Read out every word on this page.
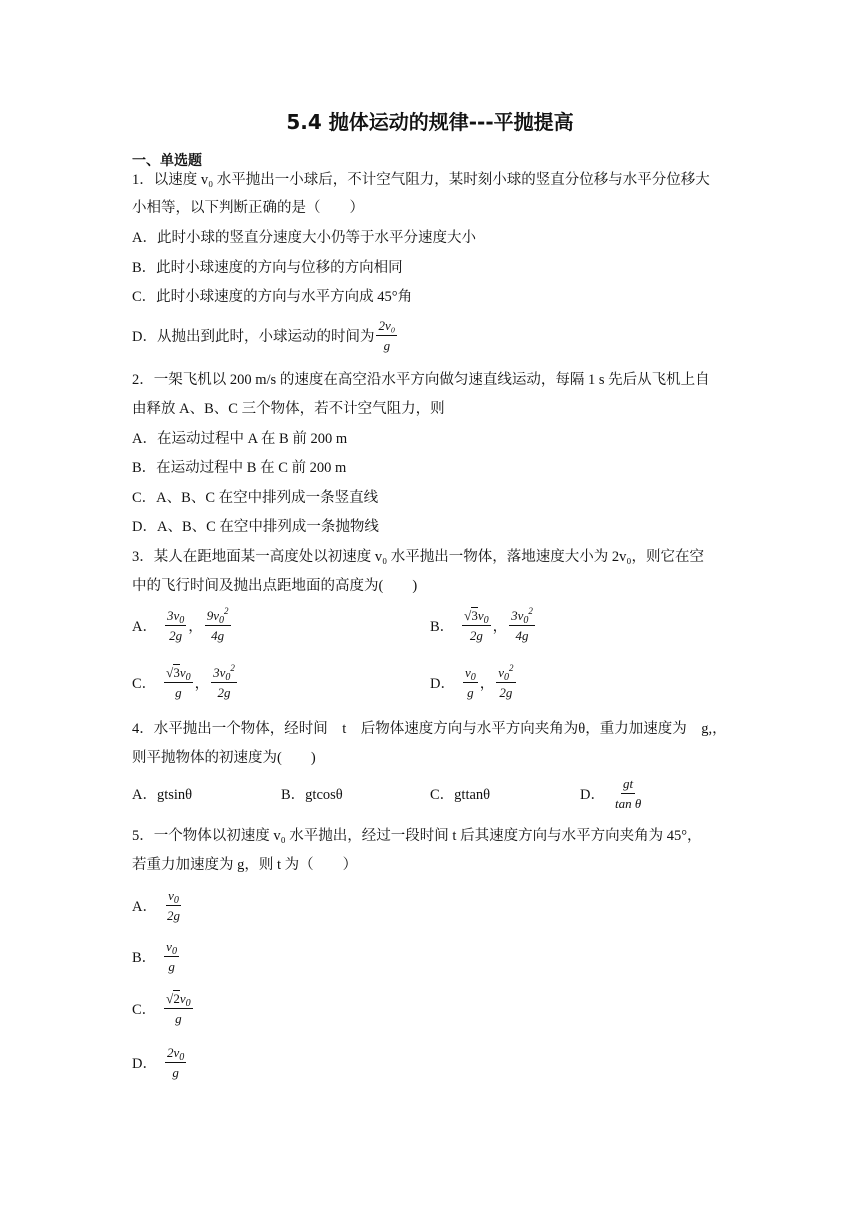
5.4 抛体运动的规律---平抛提高
一、单选题
1．以速度 v₀ 水平抛出一小球后，不计空气阻力，某时刻小球的竖直分位移与水平分位移大
小相等，以下判断正确的是（　　）
A．此时小球的竖直分速度大小仍等于水平分速度大小
B．此时小球速度的方向与位移的方向相同
C．此时小球速度的方向与水平方向成 45°角
D．从抛出到此时，小球运动的时间为 $\frac{\text{2v₀}}{g}$
2．一架飞机以 200 m/s 的速度在高空沿水平方向做匀速直线运动，每隔 1 s 先后从飞机上自
由释放 A、B、C 三个物体，若不计空气阻力，则
A．在运动过程中 A 在 B 前 200 m
B．在运动过程中 B 在 C 前 200 m
C．A、B、C 在空中排列成一条竖直线
D．A、B、C 在空中排列成一条抛物线
3．某人在距地面某一高度处以初速度 v₀ 水平抛出一物体，落地速度大小为 2v₀，则它在空
中的飞行时间及抛出点距地面的高度为(　　)
A． $\frac{3v_0}{2g}$ ， $\frac{9v_0^2}{4g}$	B． $\frac{√3v_0}{2g}$ ， $\frac{3v_0^2}{4g}$
C． $\frac{√3v_0}{g}$ ， $\frac{3v_0^2}{2g}$	D． $\frac{v_0}{g}$ ， $\frac{v_0^2}{2g}$
4．水平抛出一个物体，经时间　t　后物体速度方向与水平方向夹角为θ，重力加速度为　g,，
则平抛物体的初速度为(　　)
A．gtsinθ	B．gtcosθ	C．gttanθ	D． $\frac{gt}{\text{tan θ}}$
5．一个物体以初速度 v₀ 水平抛出，经过一段时间 t 后其速度方向与水平方向夹角为 45°，
若重力加速度为 g，则 t 为（　　）
A． $\frac{v_0}{2g}$
B． $\frac{v_0}{g}$
C． $\frac{√2v_0}{g}$
D． $\frac{2v_0}{g}$
